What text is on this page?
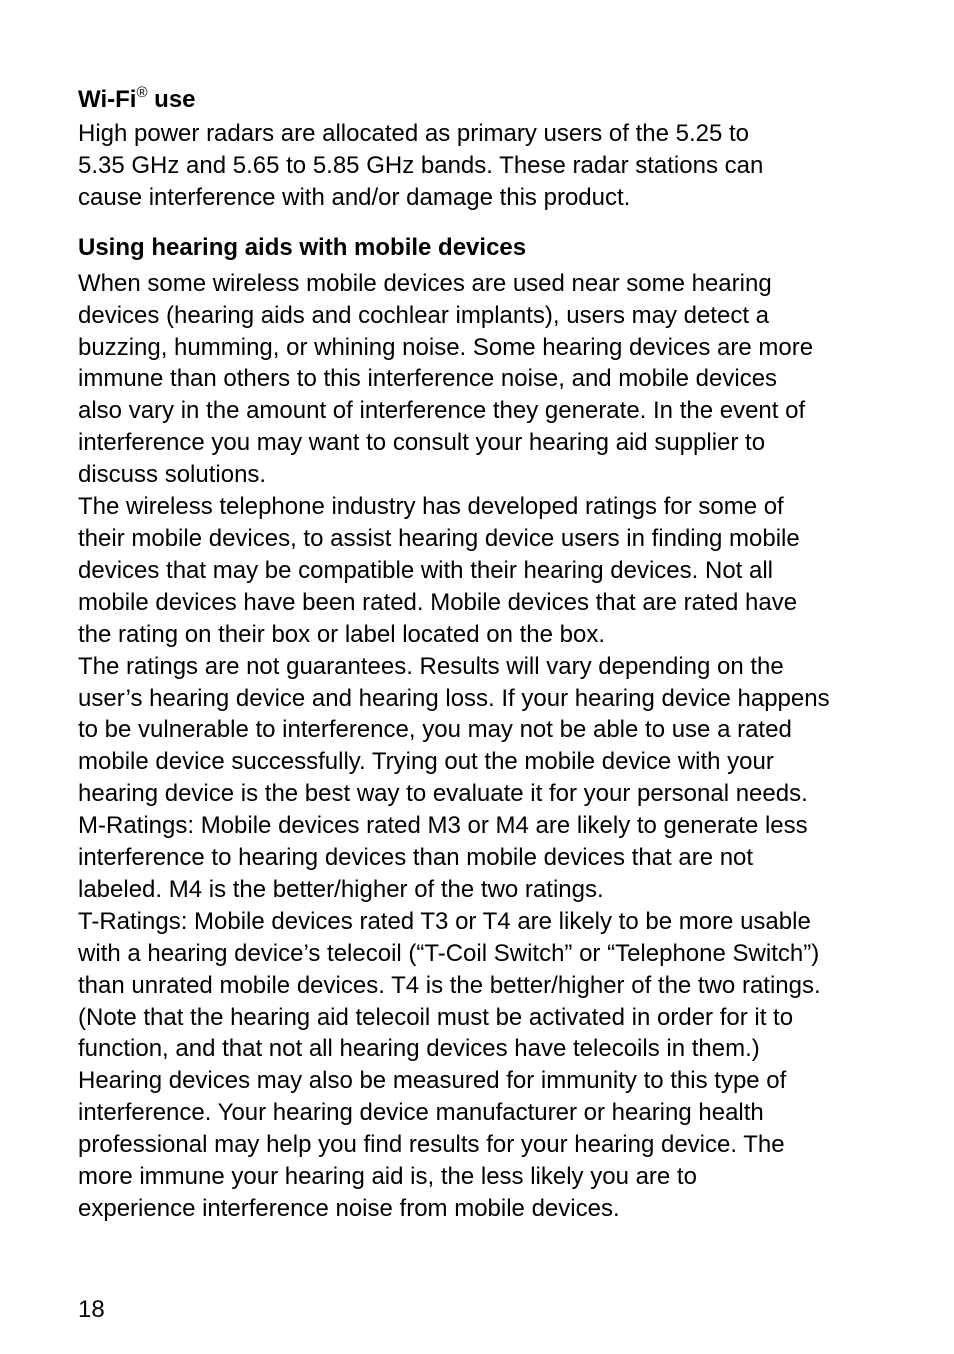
Wi-Fi® use

High power radars are allocated as primary users of the 5.25 to
5.35 GHz and 5.65 to 5.85 GHz bands. These radar stations can
cause interference with and/or damage this product.

Using hearing aids with mobile devices

When some wireless mobile devices are used near some hearing
devices (hearing aids and cochlear implants), users may detect a
buzzing, humming, or whining noise. Some hearing devices are more
immune than others to this interference noise, and mobile devices
also vary in the amount of interference they generate. In the event of
interference you may want to consult your hearing aid supplier to
discuss solutions.

The wireless telephone industry has developed ratings for some of
their mobile devices, to assist hearing device users in finding mobile
devices that may be compatible with their hearing devices. Not all
mobile devices have been rated. Mobile devices that are rated have
the rating on their box or label located on the box.

The ratings are not guarantees. Results will vary depending on the
user’s hearing device and hearing loss. If your hearing device happens
to be vulnerable to interference, you may not be able to use a rated
mobile device successfully. Trying out the mobile device with your
hearing device is the best way to evaluate it for your personal needs.

M-Ratings: Mobile devices rated M3 or M4 are likely to generate less
interference to hearing devices than mobile devices that are not
labeled. M4 is the better/higher of the two ratings.

T-Ratings: Mobile devices rated T3 or T4 are likely to be more usable
with a hearing device’s telecoil (“T-Coil Switch” or “Telephone Switch”)
than unrated mobile devices. T4 is the better/higher of the two ratings.
(Note that the hearing aid telecoil must be activated in order for it to
function, and that not all hearing devices have telecoils in them.)

Hearing devices may also be measured for immunity to this type of
interference. Your hearing device manufacturer or hearing health
professional may help you find results for your hearing device. The
more immune your hearing aid is, the less likely you are to
experience interference noise from mobile devices.

18
